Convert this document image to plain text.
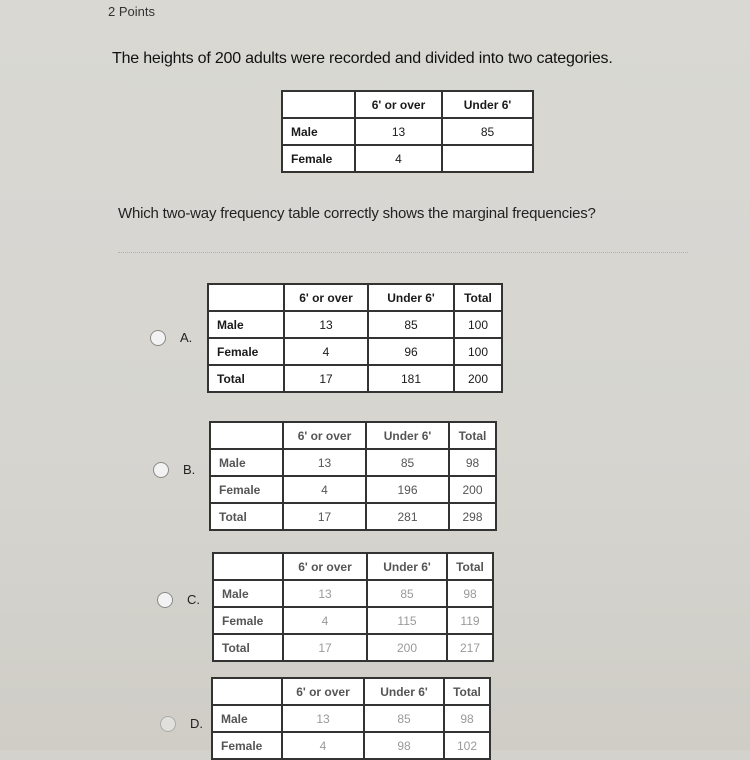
2 Points
The heights of 200 adults were recorded and divided into two categories.
	6' or over	Under 6'
Male	13	85
Female	4	
Which two-way frequency table correctly shows the marginal frequencies?
A.
	6' or over	Under 6'	Total
Male	13	85	100
Female	4	96	100
Total	17	181	200
B.
	6' or over	Under 6'	Total
Male	13	85	98
Female	4	196	200
Total	17	281	298
C.
	6' or over	Under 6'	Total
Male	13	85	98
Female	4	115	119
Total	17	200	217
D.
	6' or over	Under 6'	Total
Male	13	85	98
Female	4	98	102
